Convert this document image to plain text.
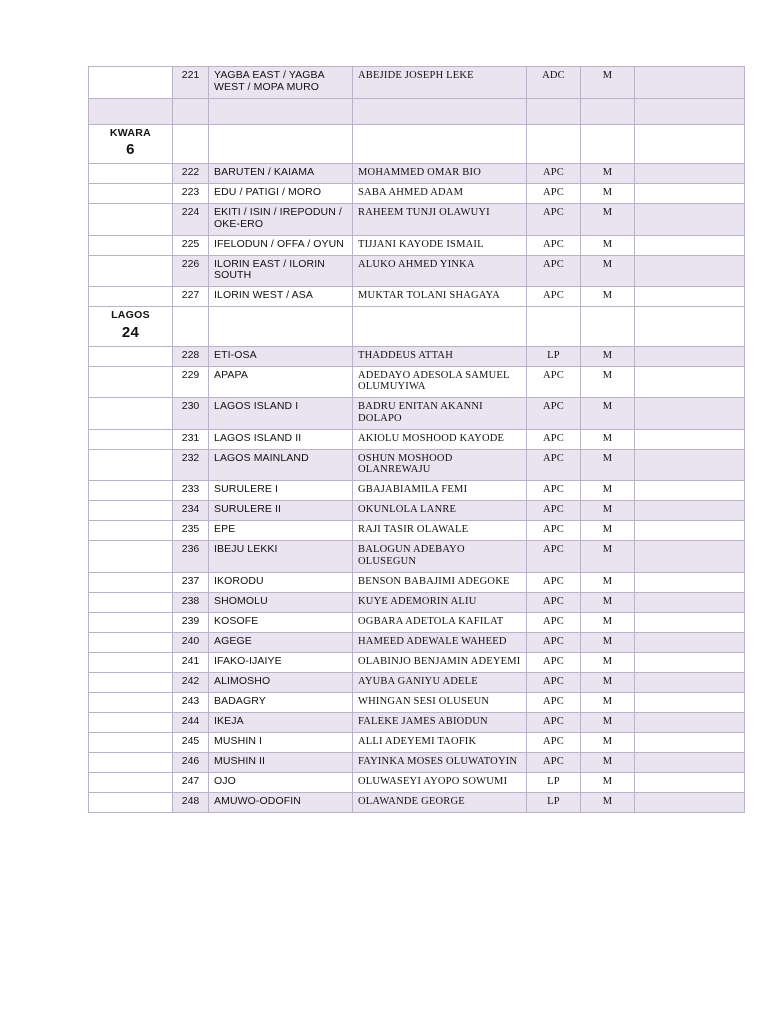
	221	YAGBA EAST / YAGBA WEST / MOPA MURO	ABEJIDE JOSEPH LEKE	ADC	M	

KWARA
6						

	222	BARUTEN / KAIAMA	MOHAMMED OMAR BIO	APC	M	
	223	EDU / PATIGI / MORO	SABA AHMED ADAM	APC	M	
	224	EKITI / ISIN / IREPODUN / OKE-ERO	RAHEEM TUNJI OLAWUYI	APC	M	
	225	IFELODUN / OFFA / OYUN	TIJJANI KAYODE ISMAIL	APC	M	
	226	ILORIN EAST / ILORIN SOUTH	ALUKO AHMED YINKA	APC	M	
	227	ILORIN WEST / ASA	MUKTAR TOLANI SHAGAYA	APC	M	
LAGOS
24						

	228	ETI-OSA	THADDEUS ATTAH	LP	M	
	229	APAPA	ADEDAYO ADESOLA SAMUEL OLUMUYIWA	APC	M	
	230	LAGOS ISLAND I	BADRU ENITAN AKANNI DOLAPO	APC	M	
	231	LAGOS ISLAND II	AKIOLU MOSHOOD KAYODE	APC	M	
	232	LAGOS MAINLAND	OSHUN MOSHOOD OLANREWAJU	APC	M	
	233	SURULERE I	GBAJABIAMILA FEMI	APC	M	
	234	SURULERE II	OKUNLOLA LANRE	APC	M	
	235	EPE	RAJI TASIR OLAWALE	APC	M	
	236	IBEJU LEKKI	BALOGUN ADEBAYO OLUSEGUN	APC	M	
	237	IKORODU	BENSON BABAJIMI ADEGOKE	APC	M	
	238	SHOMOLU	KUYE ADEMORIN ALIU	APC	M	
	239	KOSOFE	OGBARA ADETOLA KAFILAT	APC	M	
	240	AGEGE	HAMEED ADEWALE WAHEED	APC	M	
	241	IFAKO-IJAIYE	OLABINJO BENJAMIN ADEYEMI	APC	M	
	242	ALIMOSHO	AYUBA GANIYU ADELE	APC	M	
	243	BADAGRY	WHINGAN SESI OLUSEUN	APC	M	
	244	IKEJA	FALEKE JAMES ABIODUN	APC	M	
	245	MUSHIN I	ALLI ADEYEMI TAOFIK	APC	M	
	246	MUSHIN II	FAYINKA MOSES OLUWATOYIN	APC	M	
	247	OJO	OLUWASEYI AYOPO SOWUMI	LP	M	
	248	AMUWO-ODOFIN	OLAWANDE GEORGE	LP	M	
